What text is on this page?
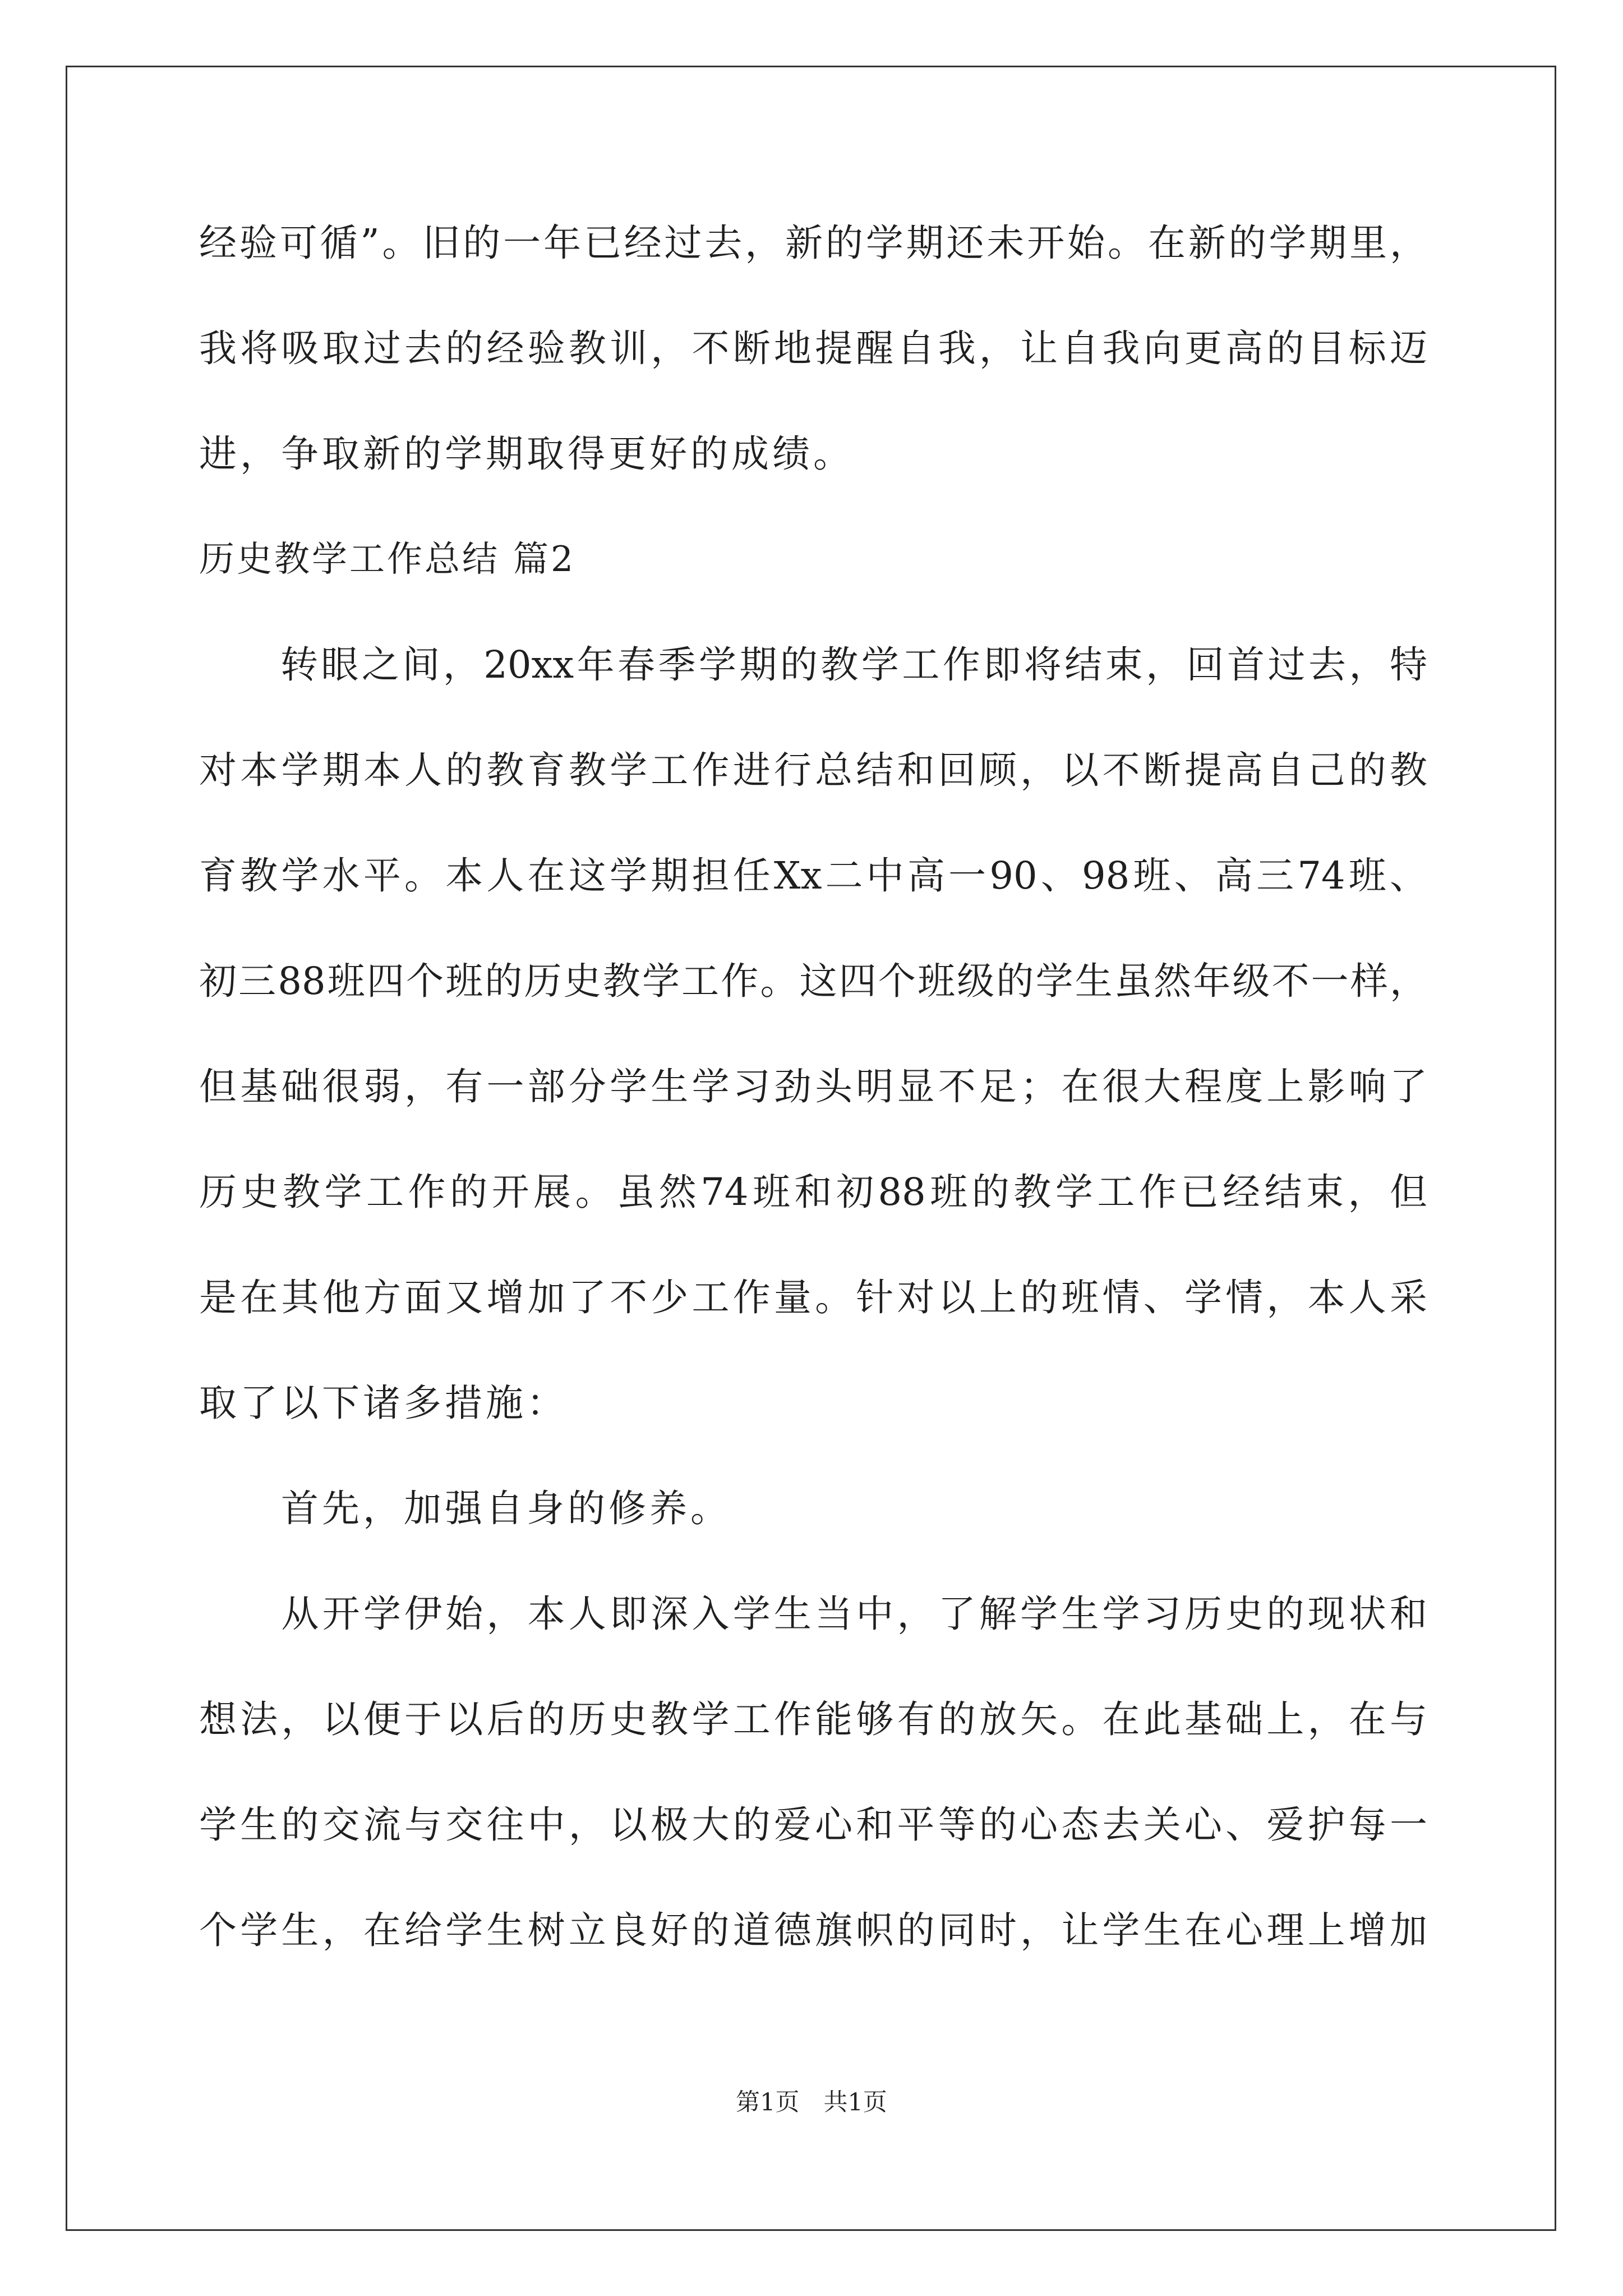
经验可循”。旧的一年已经过去，新的学期还未开始。在新的学期里，
我将吸取过去的经验教训，不断地提醒自我，让自我向更高的目标迈
进，争取新的学期取得更好的成绩。
历史教学工作总结 篇2
　　转眼之间，20xx年春季学期的教学工作即将结束，回首过去，特
对本学期本人的教育教学工作进行总结和回顾，以不断提高自己的教
育教学水平。本人在这学期担任Xx二中高一90、98班、高三74班、
初三88班四个班的历史教学工作。这四个班级的学生虽然年级不一样，
但基础很弱，有一部分学生学习劲头明显不足；在很大程度上影响了
历史教学工作的开展。虽然74班和初88班的教学工作已经结束，但
是在其他方面又增加了不少工作量。针对以上的班情、学情，本人采
取了以下诸多措施：
　　首先，加强自身的修养。
　　从开学伊始，本人即深入学生当中，了解学生学习历史的现状和
想法，以便于以后的历史教学工作能够有的放矢。在此基础上，在与
学生的交流与交往中，以极大的爱心和平等的心态去关心、爱护每一
个学生，在给学生树立良好的道德旗帜的同时，让学生在心理上增加
第1页　共1页
